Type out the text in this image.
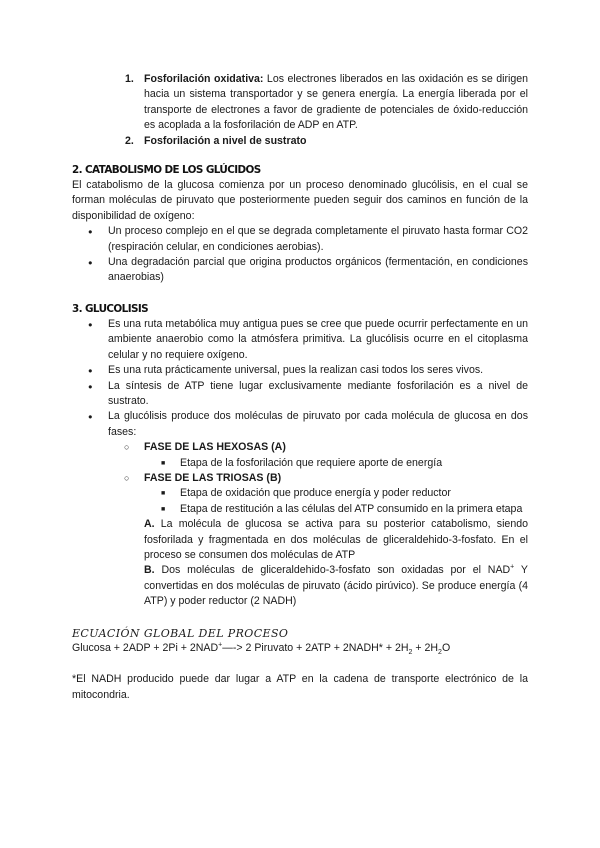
1. Fosforilación oxidativa: Los electrones liberados en las oxidación es se dirigen hacia un sistema transportador y se genera energía. La energía liberada por el transporte de electrones a favor de gradiente de potenciales de óxido-reducción es acoplada a la fosforilación de ADP en ATP.
2. Fosforilación a nivel de sustrato
2. CATABOLISMO DE LOS GLÚCIDOS

El catabolismo de la glucosa comienza por un proceso denominado glucólisis, en el cual se forman moléculas de piruvato que posteriormente pueden seguir dos caminos en función de la disponibilidad de oxígeno:

● Un proceso complejo en el que se degrada completamente el piruvato hasta formar CO2 (respiración celular, en condiciones aerobias).
● Una degradación parcial que origina productos orgánicos (fermentación, en condiciones anaerobias)
3. GLUCOLISIS
● Es una ruta metabólica muy antigua pues se cree que puede ocurrir perfectamente en un ambiente anaerobio como la atmósfera primitiva. La glucólisis ocurre en el citoplasma celular y no requiere oxígeno.
● Es una ruta prácticamente universal, pues la realizan casi todos los seres vivos.
● La síntesis de ATP tiene lugar exclusivamente mediante fosforilación es a nivel de sustrato.
● La glucólisis produce dos moléculas de piruvato por cada molécula de glucosa en dos fases:
○ FASE DE LAS HEXOSAS (A)
■ Etapa de la fosforilación que requiere aporte de energía
○ FASE DE LAS TRIOSAS (B)
■ Etapa de oxidación que produce energía y poder reductor
■ Etapa de restitución a las células del ATP consumido en la primera etapa

A. La molécula de glucosa se activa para su posterior catabolismo, siendo fosforilada y fragmentada en dos moléculas de gliceraldehido-3-fosfato. En el proceso se consumen dos moléculas de ATP

B. Dos moléculas de gliceraldehido-3-fosfato son oxidadas por el NAD+ Y convertidas en dos moléculas de piruvato (ácido pirúvico). Se produce energía (4 ATP) y poder reductor (2 NADH)

ECUACIÓN GLOBAL DEL PROCESO
Glucosa + 2ADP + 2Pi + 2NAD+—-> 2 Piruvato + 2ATP + 2NADH* + $2H_2 + 2H_2O$

*El NADH producido puede dar lugar a ATP en la cadena de transporte electrónico de la mitocondria.
